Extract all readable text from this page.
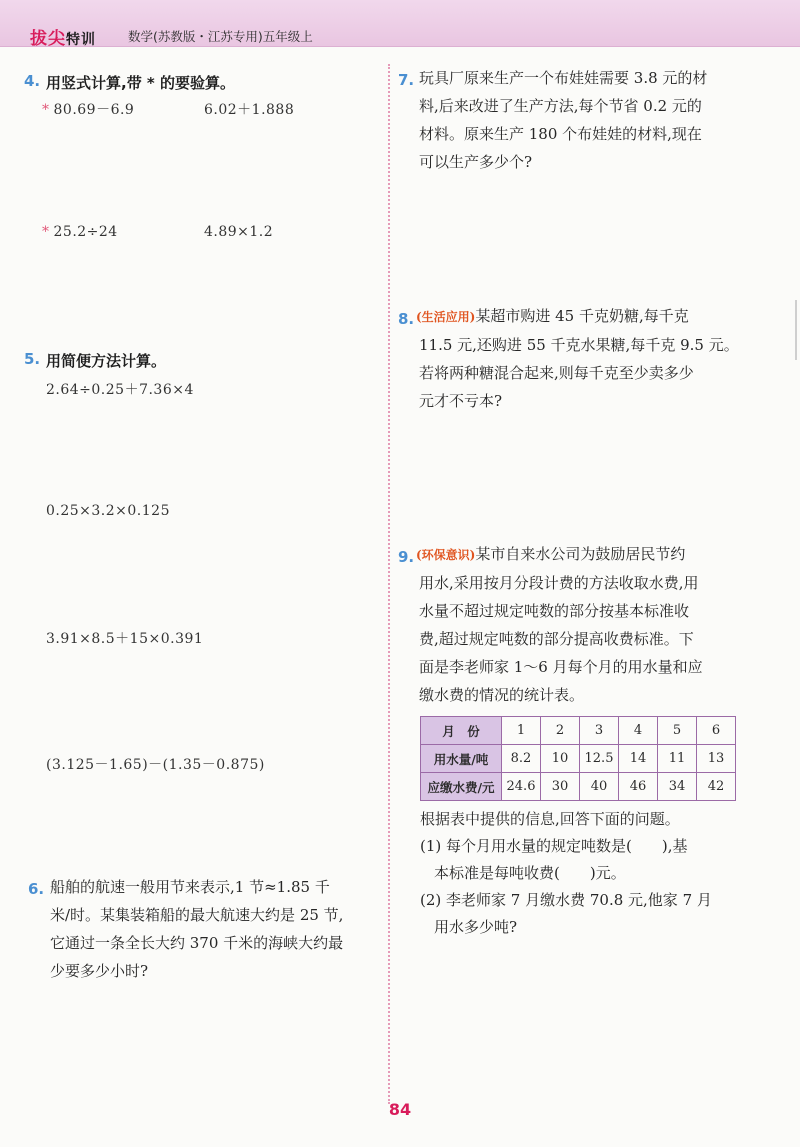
拔尖特训	数学(苏教版・江苏专用)五年级上
4. 用竖式计算,带 * 的要验算。
* 80.69－6.9	6.02＋1.888
* 25.2÷24	4.89×1.2
5. 用简便方法计算。
2.64÷0.25＋7.36×4
0.25×3.2×0.125
3.91×8.5＋15×0.391
(3.125－1.65)－(1.35－0.875)
6. 船舶的航速一般用节来表示,1 节≈1.85 千
米/时。某集装箱船的最大航速大约是 25 节,
它通过一条全长大约 370 千米的海峡大约最
少要多少小时?
7. 玩具厂原来生产一个布娃娃需要 3.8 元的材
料,后来改进了生产方法,每个节省 0.2 元的
材料。原来生产 180 个布娃娃的材料,现在
可以生产多少个?
8. (生活应用)某超市购进 45 千克奶糖,每千克
11.5 元,还购进 55 千克水果糖,每千克 9.5 元。
若将两种糖混合起来,则每千克至少卖多少
元才不亏本?
9. (环保意识)某市自来水公司为鼓励居民节约
用水,采用按月分段计费的方法收取水费,用
水量不超过规定吨数的部分按基本标准收
费,超过规定吨数的部分提高收费标准。下
面是李老师家 1～6 月每个月的用水量和应
缴水费的情况的统计表。
月　份	1	2	3	4	5	6
用水量/吨	8.2	10	12.5	14	11	13
应缴水费/元	24.6	30	40	46	34	42
根据表中提供的信息,回答下面的问题。
(1) 每个月用水量的规定吨数是(　　),基
本标准是每吨收费(　　)元。
(2) 李老师家 7 月缴水费 70.8 元,他家 7 月
用水多少吨?
84
